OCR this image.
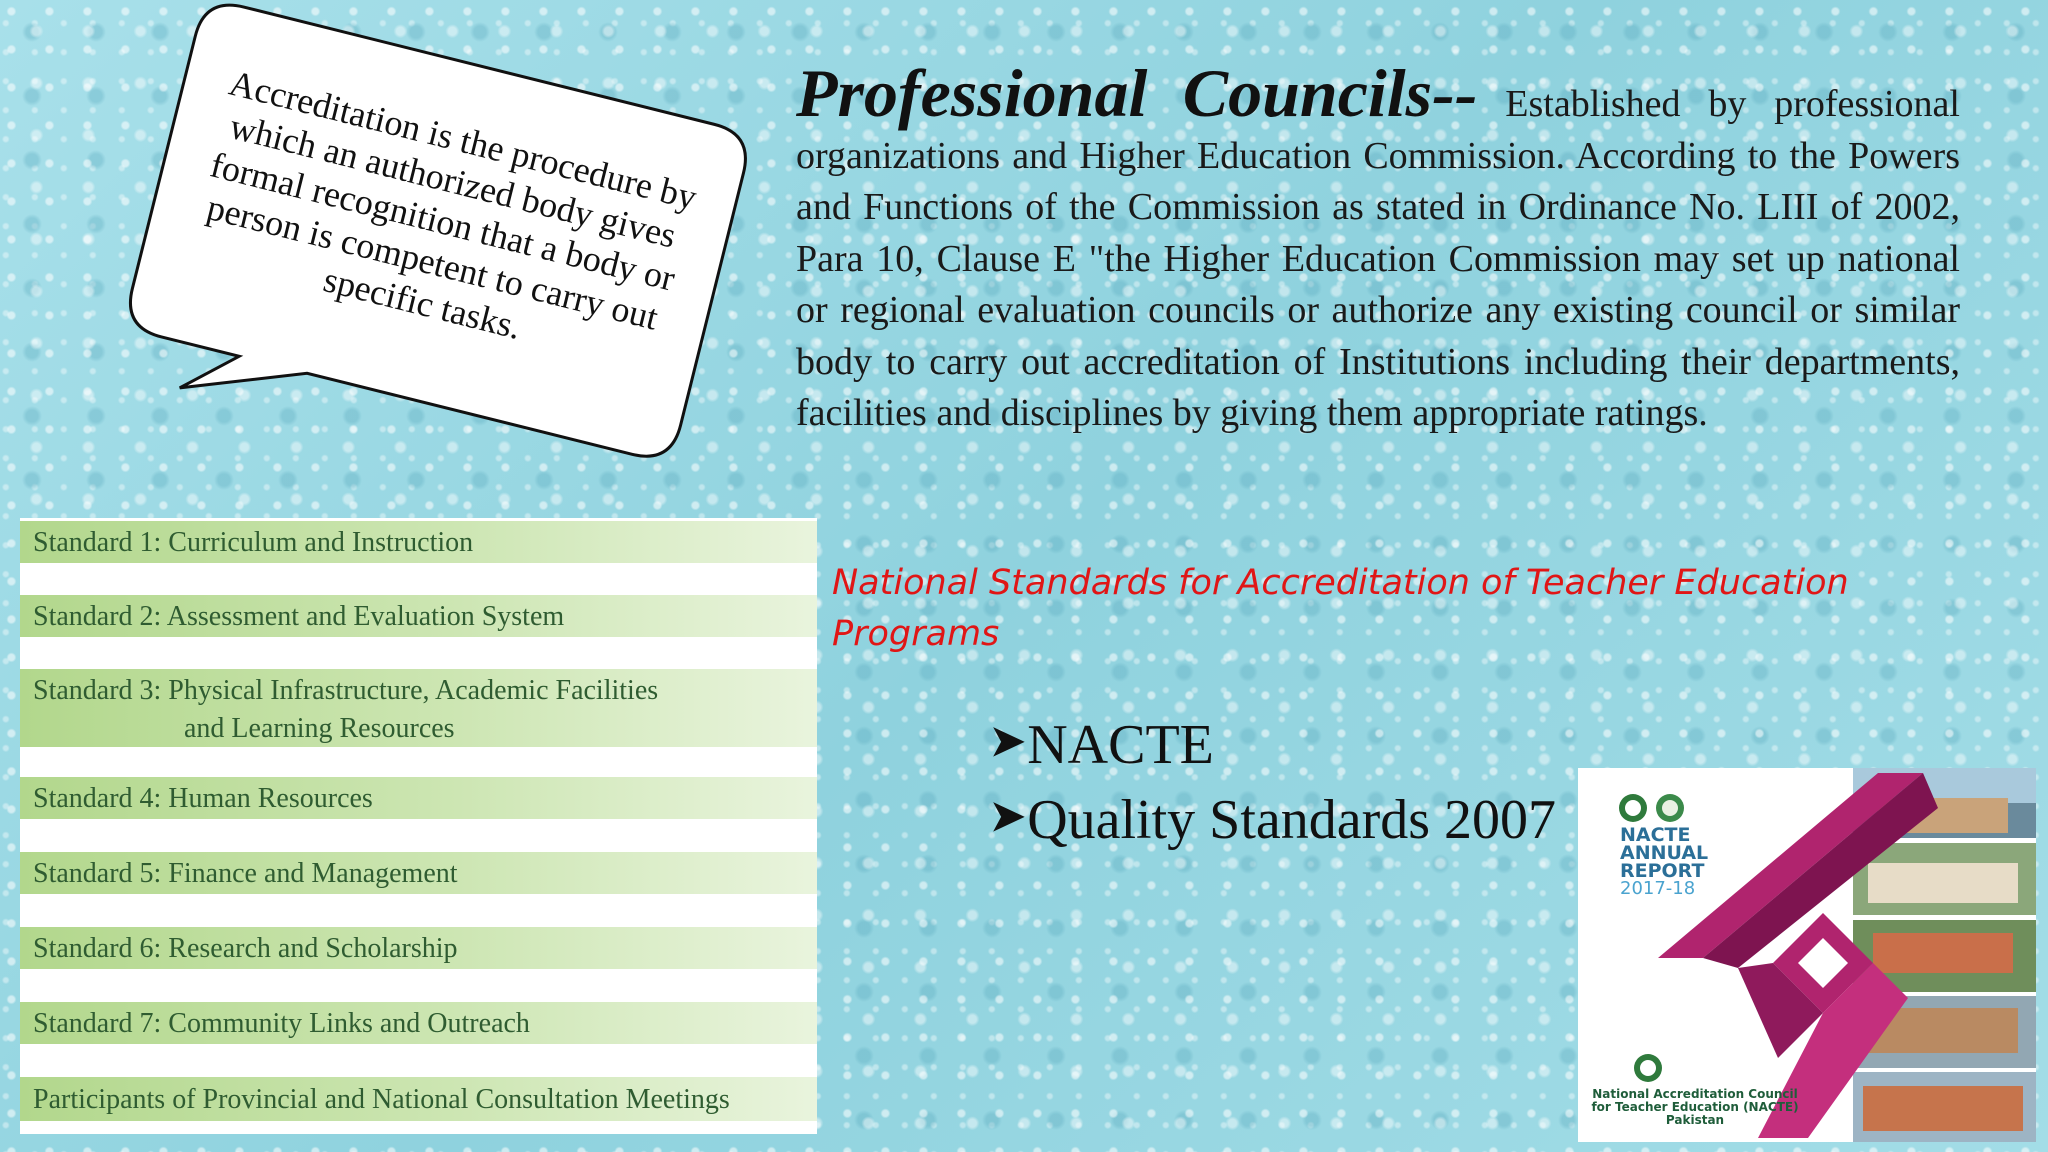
Accreditation is the procedure by which an authorized body gives formal recognition that a body or person is competent to carry out specific tasks.
Professional Councils-- Established by professional organizations and Higher Education Commission. According to the Powers and Functions of the Commission as stated in Ordinance No. LIII of 2002, Para 10, Clause E "the Higher Education Commission may set up national or regional evaluation councils or authorize any existing council or similar body to carry out accreditation of Institutions including their departments, facilities and disciplines by giving them appropriate ratings.
National Standards for Accreditation of Teacher Education Programs
➤NACTE
➤Quality Standards 2007
Standard 1: Curriculum and Instruction
Standard 2: Assessment and Evaluation System
Standard 3: Physical Infrastructure, Academic Facilities
and Learning Resources
Standard 4: Human Resources
Standard 5: Finance and Management
Standard 6: Research and Scholarship
Standard 7: Community Links and Outreach
Participants of Provincial and National Consultation Meetings
NACTE
ANNUAL
REPORT
2017-18
National Accreditation Council
for Teacher Education (NACTE)
Pakistan
